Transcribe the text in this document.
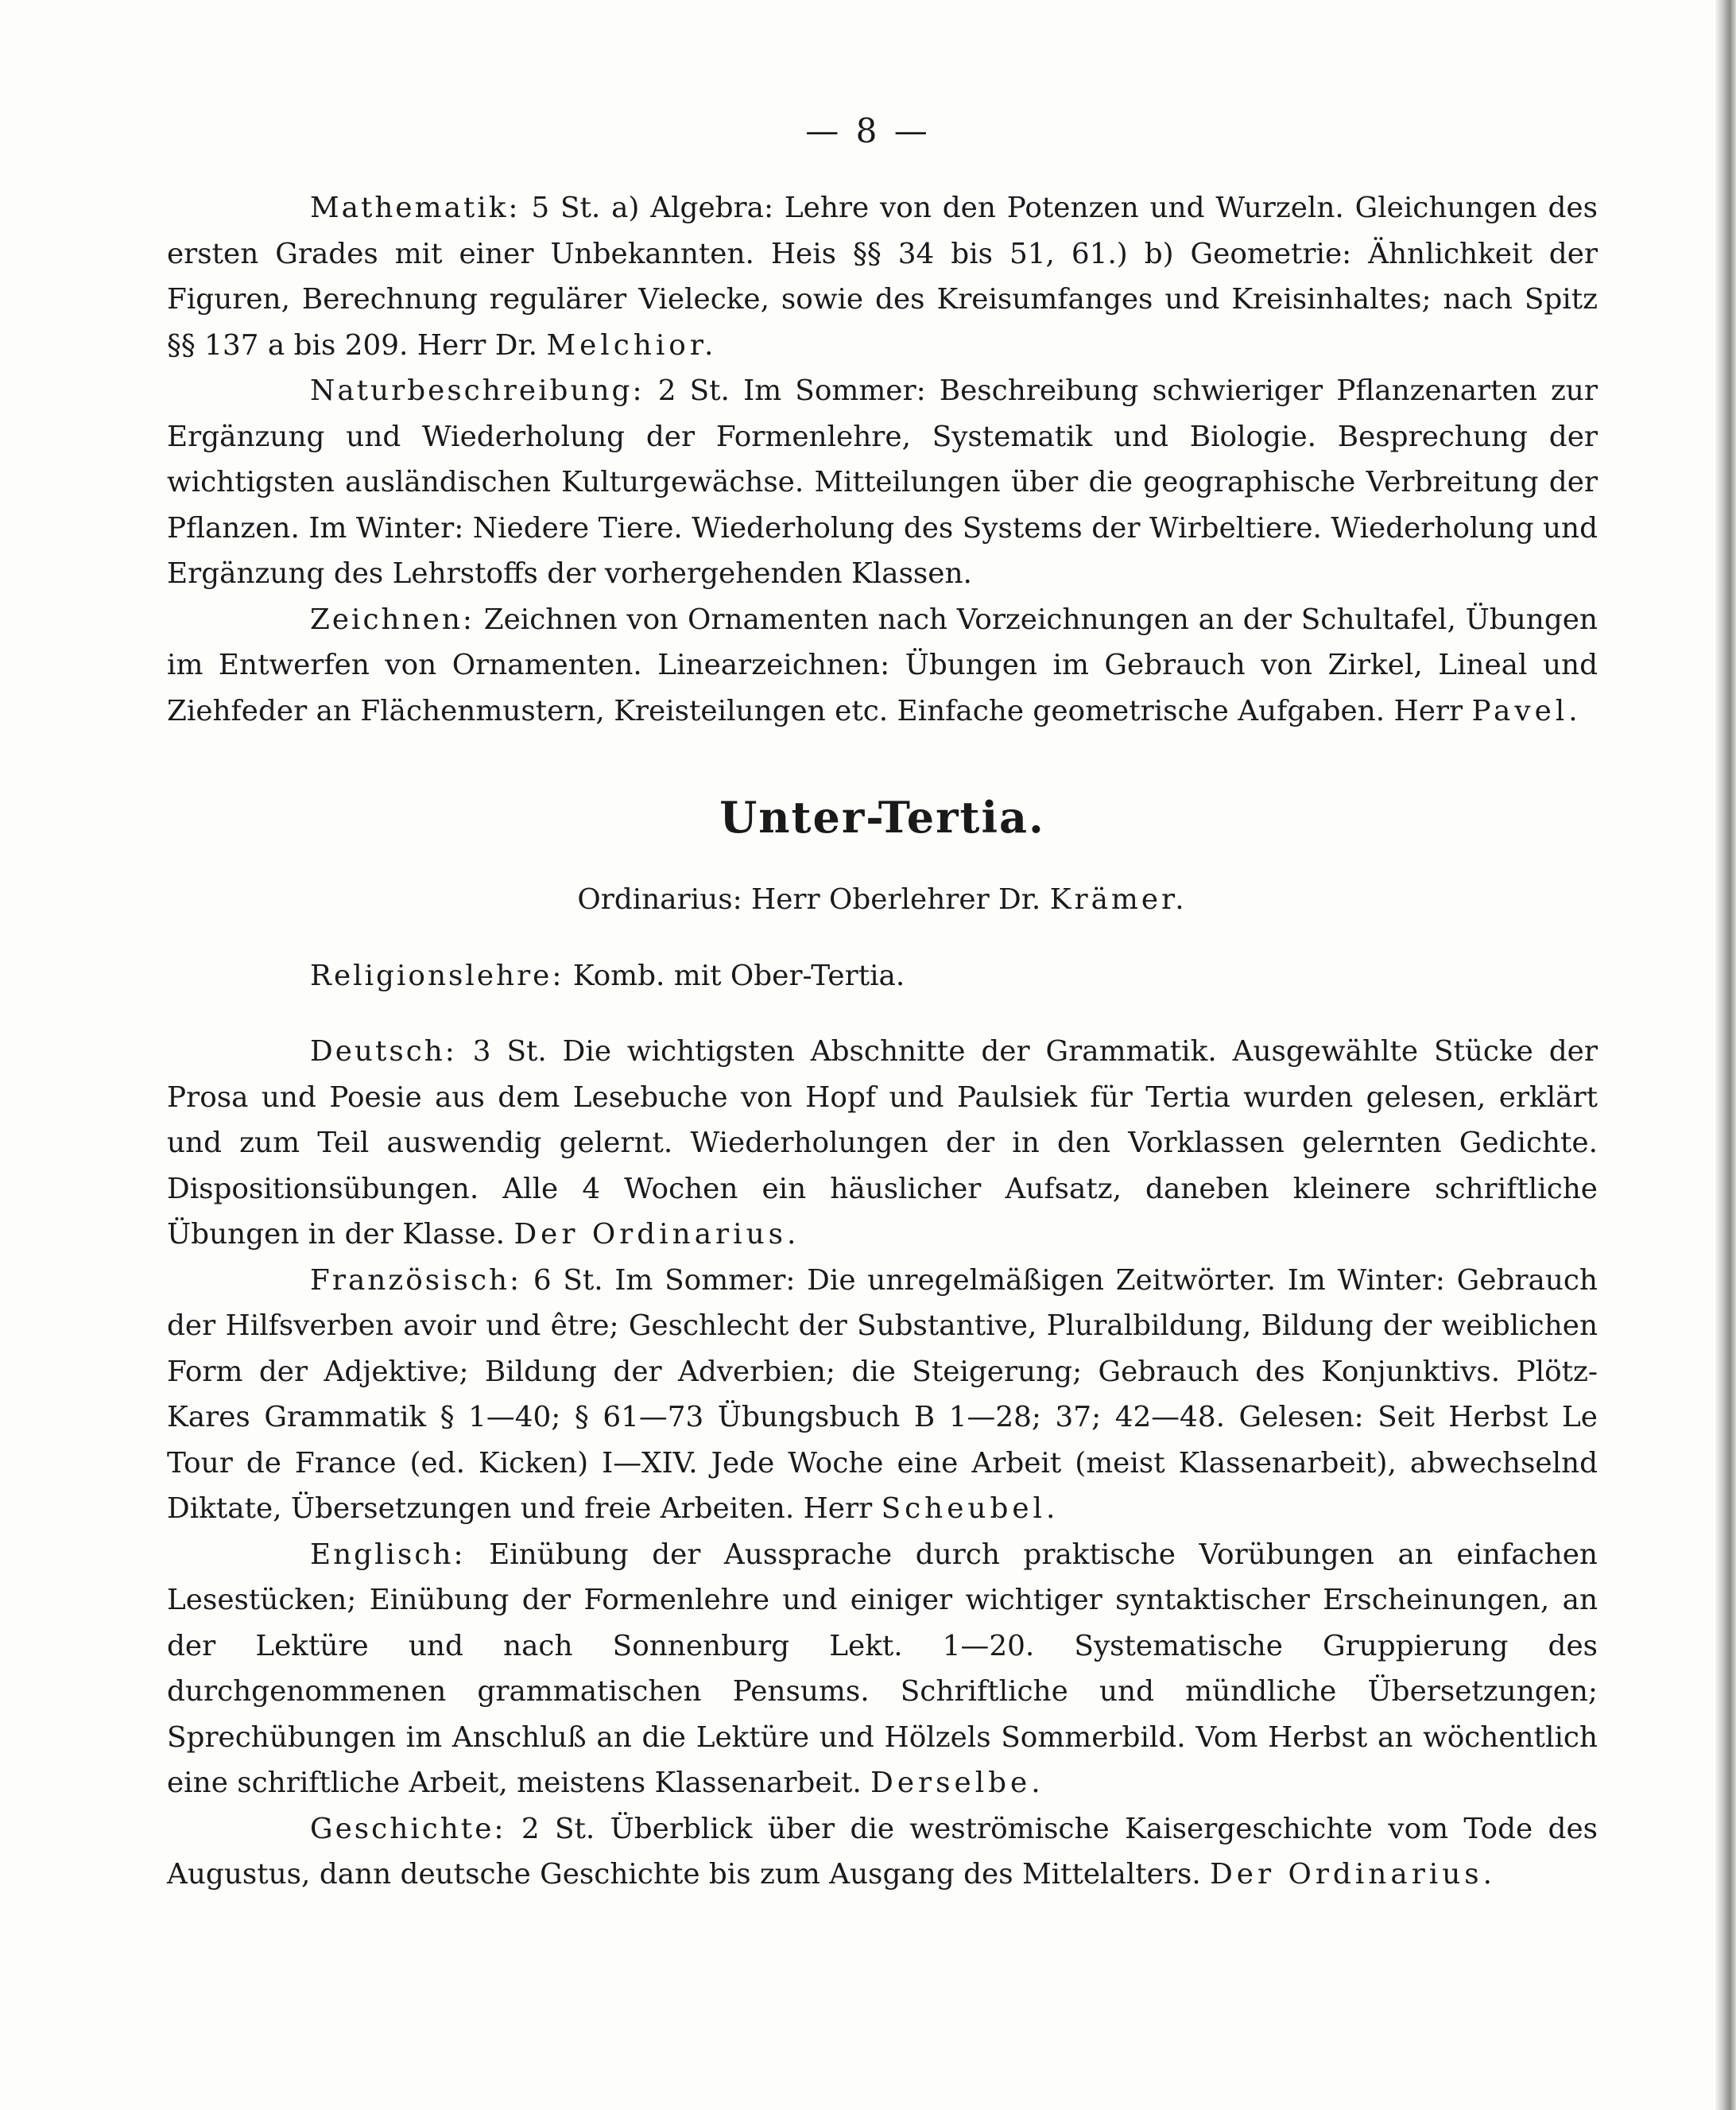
— 8 —

Mathematik: 5 St. a) Algebra: Lehre von den Potenzen und Wurzeln. Gleichungen des ersten Grades mit einer Unbekannten. Heis §§ 34 bis 51, 61.) b) Geometrie: Ähnlichkeit der Figuren, Berechnung regulärer Vielecke, sowie des Kreisumfanges und Kreisinhaltes; nach Spitz §§ 137 a bis 209. Herr Dr. Melchior.

Naturbeschreibung: 2 St. Im Sommer: Beschreibung schwieriger Pflanzenarten zur Ergänzung und Wiederholung der Formenlehre, Systematik und Biologie. Besprechung der wichtigsten ausländischen Kulturgewächse. Mitteilungen über die geographische Verbreitung der Pflanzen. Im Winter: Niedere Tiere. Wiederholung des Systems der Wirbeltiere. Wiederholung und Ergänzung des Lehrstoffs der vorhergehenden Klassen.

Zeichnen: Zeichnen von Ornamenten nach Vorzeichnungen an der Schultafel, Übungen im Entwerfen von Ornamenten. Linearzeichnen: Übungen im Gebrauch von Zirkel, Lineal und Ziehfeder an Flächenmustern, Kreisteilungen etc. Einfache geometrische Aufgaben. Herr Pavel.

Unter-Tertia.
Ordinarius: Herr Oberlehrer Dr. Krämer.

Religionslehre: Komb. mit Ober-Tertia.

Deutsch: 3 St. Die wichtigsten Abschnitte der Grammatik. Ausgewählte Stücke der Prosa und Poesie aus dem Lesebuche von Hopf und Paulsiek für Tertia wurden gelesen, erklärt und zum Teil auswendig gelernt. Wiederholungen der in den Vorklassen gelernten Gedichte. Dispositionsübungen. Alle 4 Wochen ein häuslicher Aufsatz, daneben kleinere schriftliche Übungen in der Klasse. Der Ordinarius.

Französisch: 6 St. Im Sommer: Die unregelmäßigen Zeitwörter. Im Winter: Gebrauch der Hilfsverben avoir und être; Geschlecht der Substantive, Pluralbildung, Bildung der weiblichen Form der Adjektive; Bildung der Adverbien; die Steigerung; Gebrauch des Konjunktivs. Plötz-Kares Grammatik § 1—40; § 61—73 Übungsbuch B 1—28; 37; 42—48. Gelesen: Seit Herbst Le Tour de France (ed. Kicken) I—XIV. Jede Woche eine Arbeit (meist Klassenarbeit), abwechselnd Diktate, Übersetzungen und freie Arbeiten. Herr Scheubel.

Englisch: Einübung der Aussprache durch praktische Vorübungen an einfachen Lesestücken; Einübung der Formenlehre und einiger wichtiger syntaktischer Erscheinungen, an der Lektüre und nach Sonnenburg Lekt. 1—20. Systematische Gruppierung des durchgenommenen grammatischen Pensums. Schriftliche und mündliche Übersetzungen; Sprechübungen im Anschluß an die Lektüre und Hölzels Sommerbild. Vom Herbst an wöchentlich eine schriftliche Arbeit, meistens Klassenarbeit. Derselbe.

Geschichte: 2 St. Überblick über die weströmische Kaisergeschichte vom Tode des Augustus, dann deutsche Geschichte bis zum Ausgang des Mittelalters. Der Ordinarius.
